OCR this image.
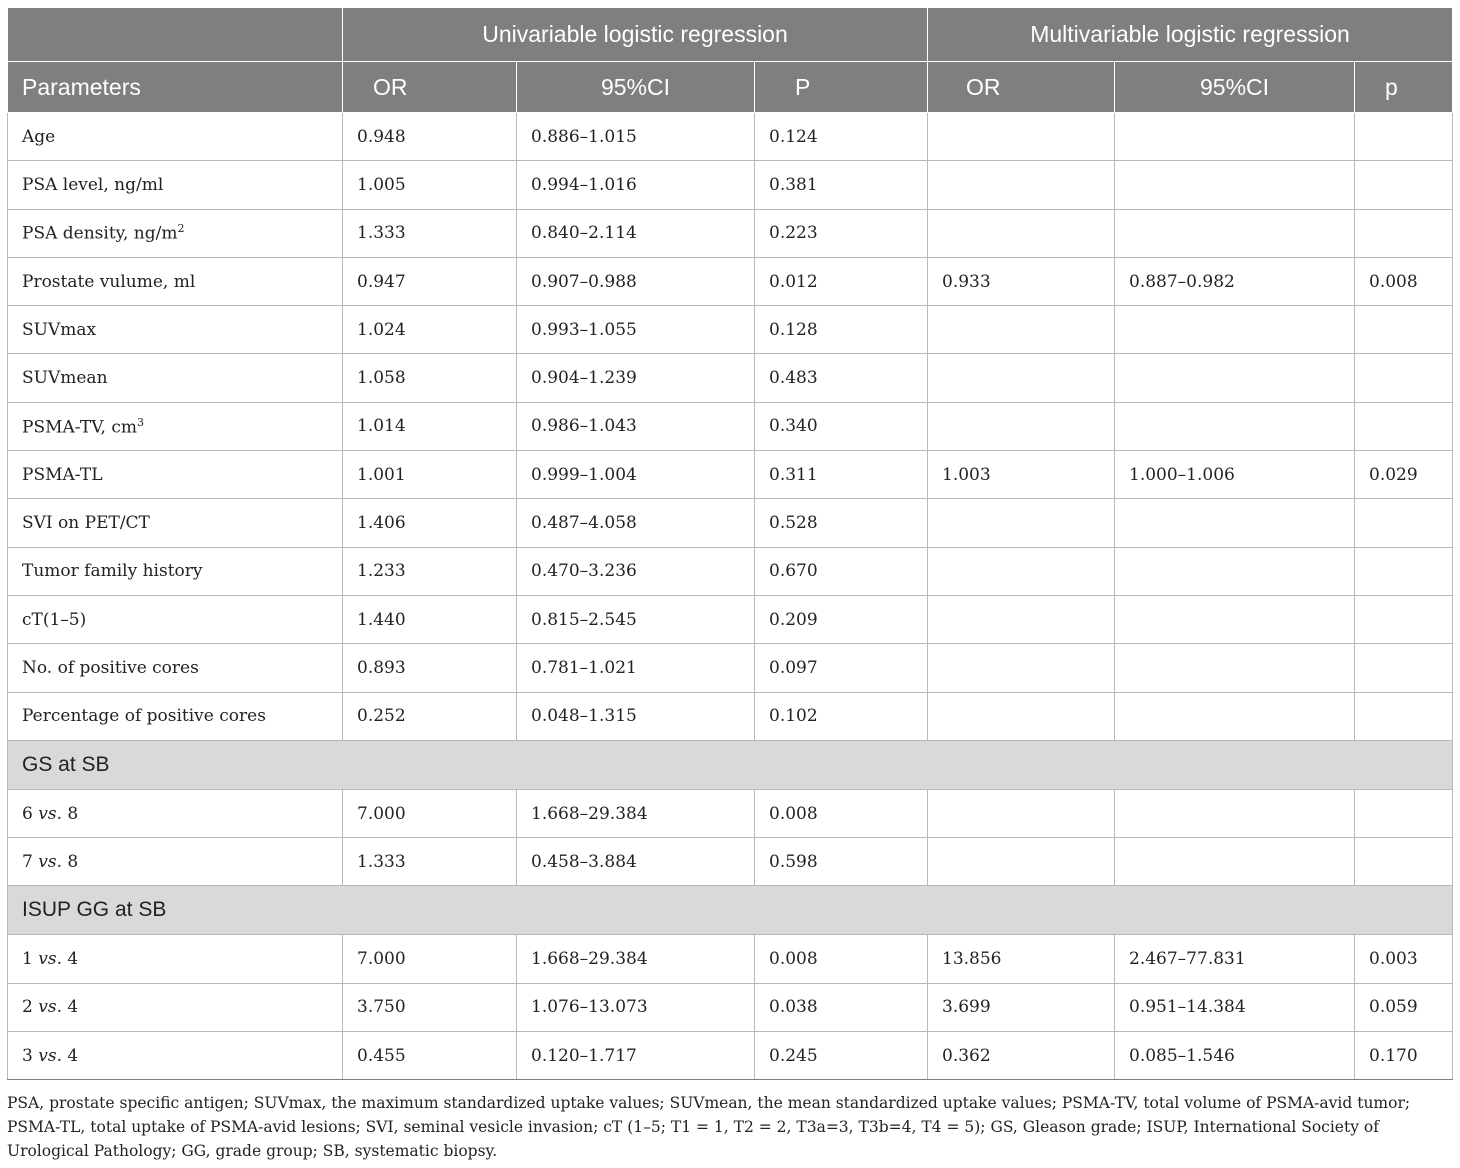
	Univariable logistic regression			Multivariable logistic regression		
Parameters	OR	95%CI	P	OR	95%CI	p
Age	0.948	0.886–1.015	0.124			
PSA level, ng/ml	1.005	0.994–1.016	0.381			
PSA density, $ng/m^2$	1.333	0.840–2.114	0.223			
Prostate vulume, ml	0.947	0.907–0.988	0.012	0.933	0.887–0.982	0.008
SUVmax	1.024	0.993–1.055	0.128			
SUVmean	1.058	0.904–1.239	0.483			
PSMA-TV, $cm^3$	1.014	0.986–1.043	0.340			
PSMA-TL	1.001	0.999–1.004	0.311	1.003	1.000–1.006	0.029
SVI on PET/CT	1.406	0.487–4.058	0.528			
Tumor family history	1.233	0.470–3.236	0.670			
cT(1–5)	1.440	0.815–2.545	0.209			
No. of positive cores	0.893	0.781–1.021	0.097			
Percentage of positive cores	0.252	0.048–1.315	0.102			
GS at SB						
6 vs. 8	7.000	1.668–29.384	0.008			
7 vs. 8	1.333	0.458–3.884	0.598			
ISUP GG at SB						
1 vs. 4	7.000	1.668–29.384	0.008	13.856	2.467–77.831	0.003
2 vs. 4	3.750	1.076–13.073	0.038	3.699	0.951–14.384	0.059
3 vs. 4	0.455	0.120–1.717	0.245	0.362	0.085–1.546	0.170
PSA, prostate specific antigen; SUVmax, the maximum standardized uptake values; SUVmean, the mean standardized uptake values; PSMA-TV, total volume of PSMA-avid tumor; PSMA-TL, total uptake of PSMA-avid lesions; SVI, seminal vesicle invasion; cT (1–5; T1 = 1, T2 = 2, T3a=3, T3b=4, T4 = 5); GS, Gleason grade; ISUP, International Society of Urological Pathology; GG, grade group; SB, systematic biopsy.
